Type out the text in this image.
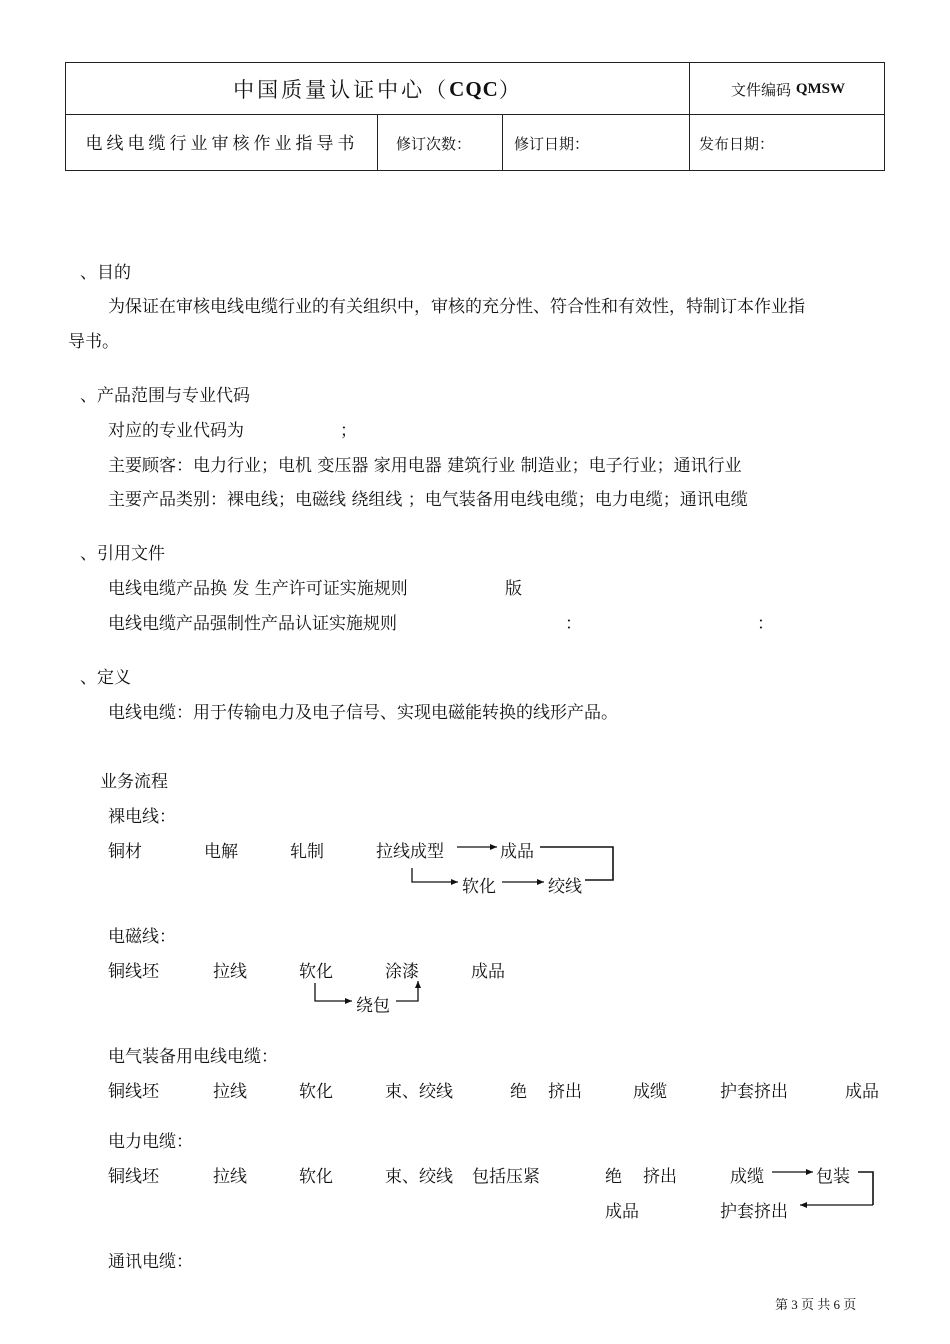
中国质量认证中心（ CQC ）	文件编码
QMSW
电线电缆行业审核作业指导书	修订次数：	修订日期：	发布日期：
、目的
为保证在审核电线电缆行业的有关组织中，审核的充分性、符合性和有效性，特制订本作业指
导书。
、产品范围与专业代码
对应的专业代码为	；
主要顾客：电力行业；电机 变压器 家用电器 建筑行业 制造业；电子行业；通讯行业
主要产品类别：裸电线；电磁线 绕组线 ；电气装备用电线电缆；电力电缆；通讯电缆
、引用文件
电线电缆产品换 发 生产许可证实施规则	版
电线电缆产品强制性产品认证实施规则	：	：
、定义
电线电缆：用于传输电力及电子信号、实现电磁能转换的线形产品。
业务流程
裸电线：
铜材	电解	轧制	拉线成型	成品
软化	绞线
电磁线：
铜线坯	拉线	软化	涂漆	成品
绕包
电气装备用电线电缆：
铜线坯	拉线	软化	束、绞线	绝 挤出	成缆	护套挤出	成品
电力电缆：
铜线坯	拉线	软化	束、绞线 包括压紧	绝 挤出	成缆	包装
成品	护套挤出
通讯电缆：
第 3 页 共 6 页
